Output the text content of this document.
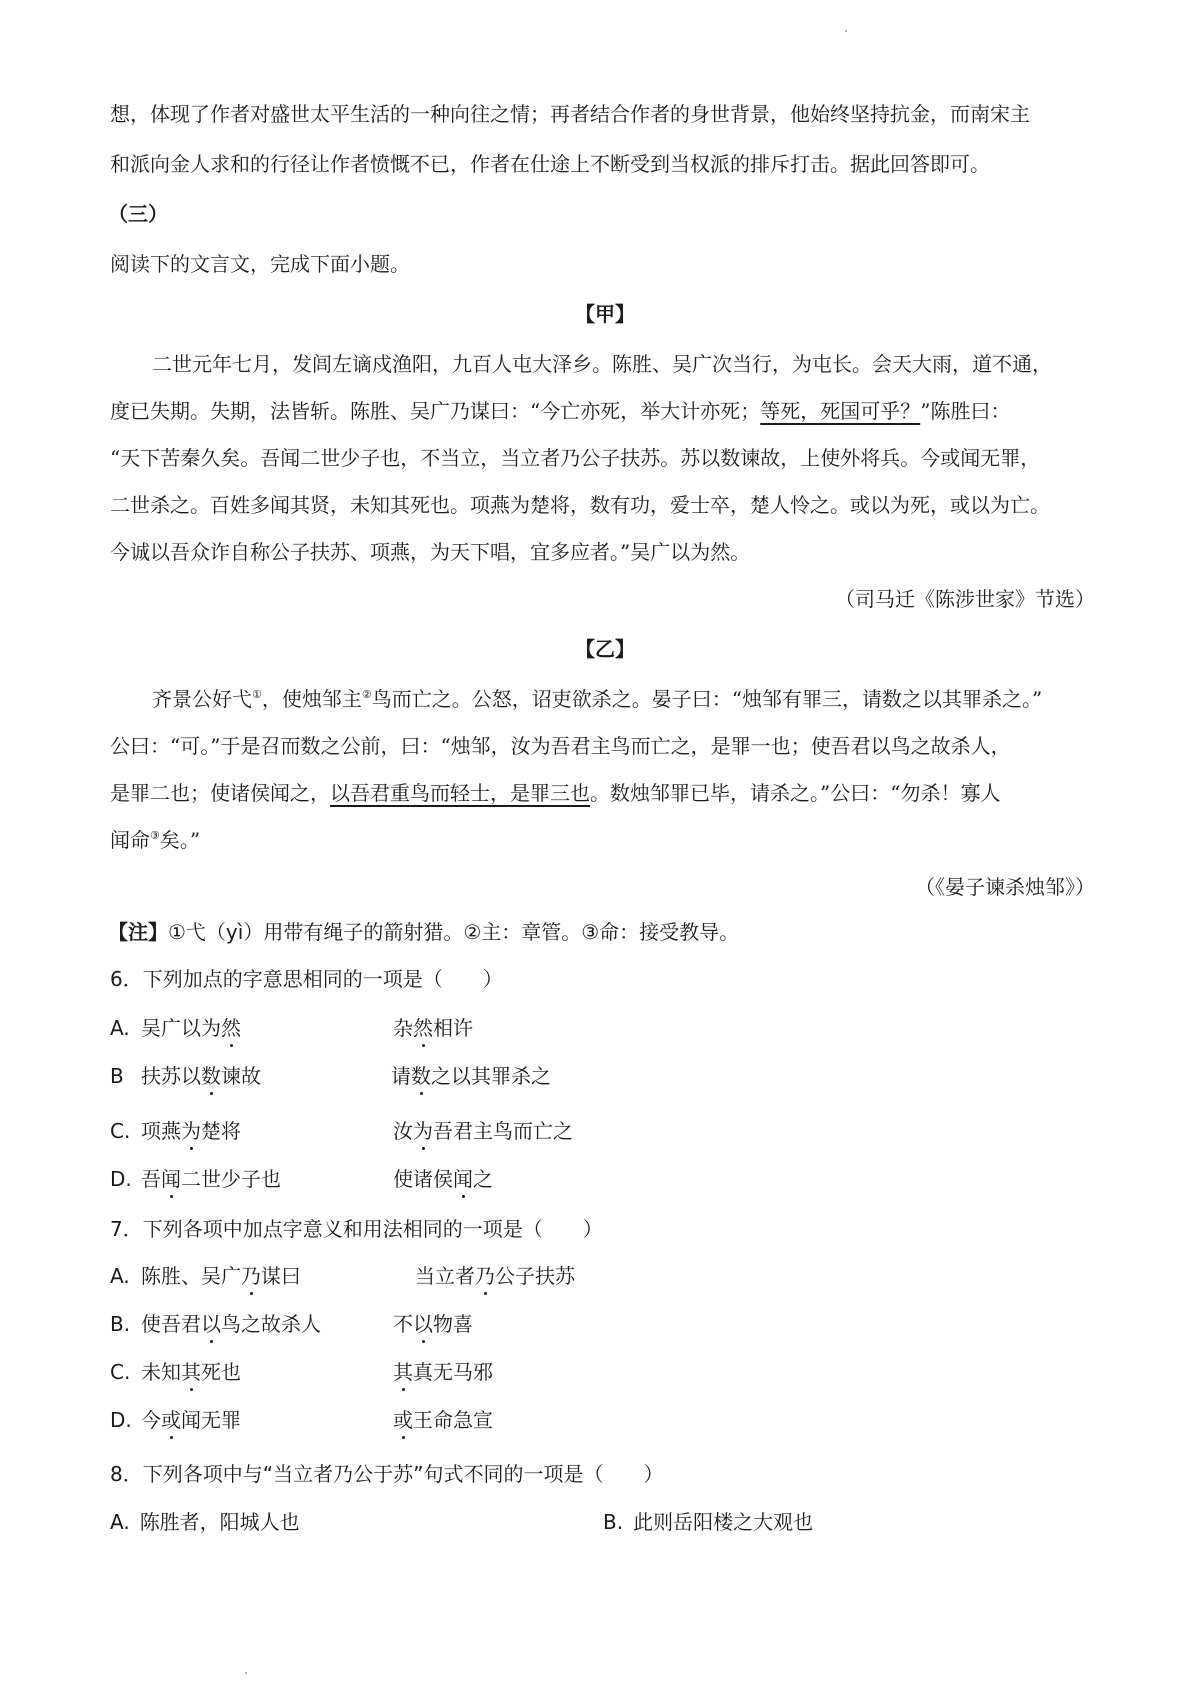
想，体现了作者对盛世太平生活的一种向往之情；再者结合作者的身世背景，他始终坚持抗金，而南宋主
和派向金人求和的行径让作者愤慨不已，作者在仕途上不断受到当权派的排斥打击。据此回答即可。
（三）
阅读下的文言文，完成下面小题。
【甲】
二世元年七月，发闾左谪戍渔阳，九百人屯大泽乡。陈胜、吴广次当行，为屯长。会天大雨，道不通，
度已失期。失期，法皆斩。陈胜、吴广乃谋曰：“今亡亦死，举大计亦死；等死，死国可乎？”陈胜曰：
“天下苦秦久矣。吾闻二世少子也，不当立，当立者乃公子扶苏。苏以数谏故，上使外将兵。今或闻无罪，
二世杀之。百姓多闻其贤，未知其死也。项燕为楚将，数有功，爱士卒，楚人怜之。或以为死，或以为亡。
今诚以吾众诈自称公子扶苏、项燕，为天下唱，宜多应者。”吴广以为然。
（司马迁《陈涉世家》节选）
【乙】
齐景公好弋①，使烛邹主②鸟而亡之。公怒，诏吏欲杀之。晏子曰：“烛邹有罪三，请数之以其罪杀之。”
公曰：“可。”于是召而数之公前，曰：“烛邹，汝为吾君主鸟而亡之，是罪一也；使吾君以鸟之故杀人，
是罪二也；使诸侯闻之，以吾君重鸟而轻士，是罪三也。数烛邹罪已毕，请杀之。”公曰：“勿杀！寡人
闻命③矣。”
（《晏子谏杀烛邹》）
【注】①弋（yì）用带有绳子的箭射猎。②主：章管。③命：接受教导。
6．下列加点的字意思相同的一项是（　　）
A. 吴广以为然	杂然相许
B 扶苏以数谏故	请数之以其罪杀之
C. 项燕为楚将	汝为吾君主鸟而亡之
D. 吾闻二世少子也	使诸侯闻之
7．下列各项中加点字意义和用法相同的一项是（　　）
A. 陈胜、吴广乃谋曰	当立者乃公子扶苏
B. 使吾君以鸟之故杀人	不以物喜
C. 未知其死也	其真无马邪
D. 今或闻无罪	或王命急宣
8．下列各项中与“当立者乃公于苏”句式不同的一项是（　　）
A. 陈胜者，阳城人也	B. 此则岳阳楼之大观也
